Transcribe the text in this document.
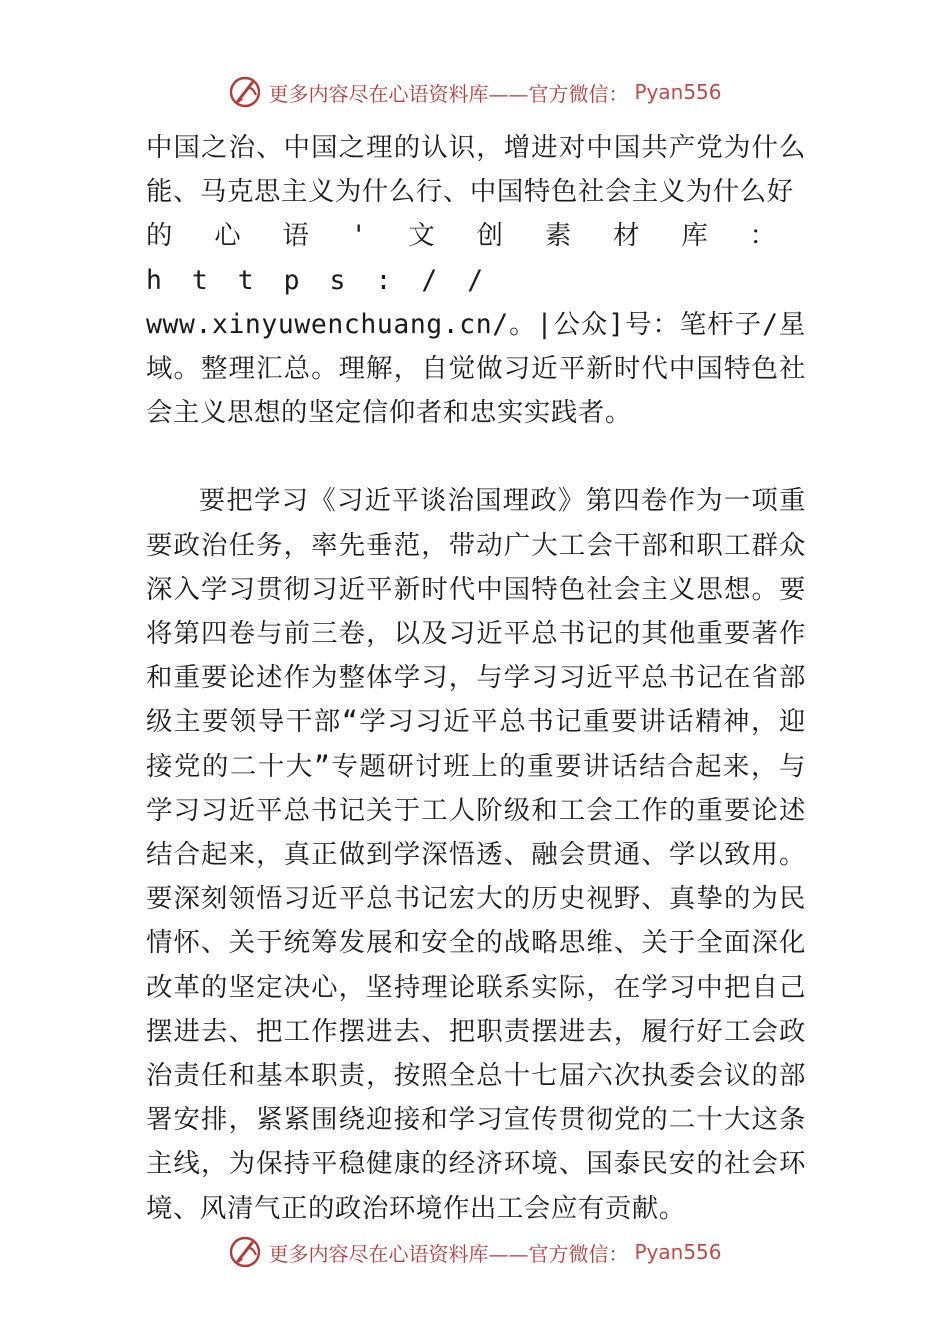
更多内容尽在心语资料库——官方微信： Pyan556

中国之治、中国之理的认识，增进对中国共产党为什么能、马克思主义为什么行、中国特色社会主义为什么好
的心语'文创素材库：https://
www.xinyuwenchuang.cn/。|公众]号：笔杆子/星域。整理汇总。理解，自觉做习近平新时代中国特色社会主义思想的坚定信仰者和忠实实践者。

要把学习《习近平谈治国理政》第四卷作为一项重要政治任务，率先垂范，带动广大工会干部和职工群众深入学习贯彻习近平新时代中国特色社会主义思想。要将第四卷与前三卷，以及习近平总书记的其他重要著作和重要论述作为整体学习，与学习习近平总书记在省部级主要领导干部“学习习近平总书记重要讲话精神，迎接党的二十大”专题研讨班上的重要讲话结合起来，与学习习近平总书记关于工人阶级和工会工作的重要论述结合起来，真正做到学深悟透、融会贯通、学以致用。要深刻领悟习近平总书记宏大的历史视野、真挚的为民情怀、关于统筹发展和安全的战略思维、关于全面深化改革的坚定决心，坚持理论联系实际，在学习中把自己摆进去、把工作摆进去、把职责摆进去，履行好工会政治责任和基本职责，按照全总十七届六次执委会议的部署安排，紧紧围绕迎接和学习宣传贯彻党的二十大这条主线，为保持平稳健康的经济环境、国泰民安的社会环境、风清气正的政治环境作出工会应有贡献。

更多内容尽在心语资料库——官方微信： Pyan556
